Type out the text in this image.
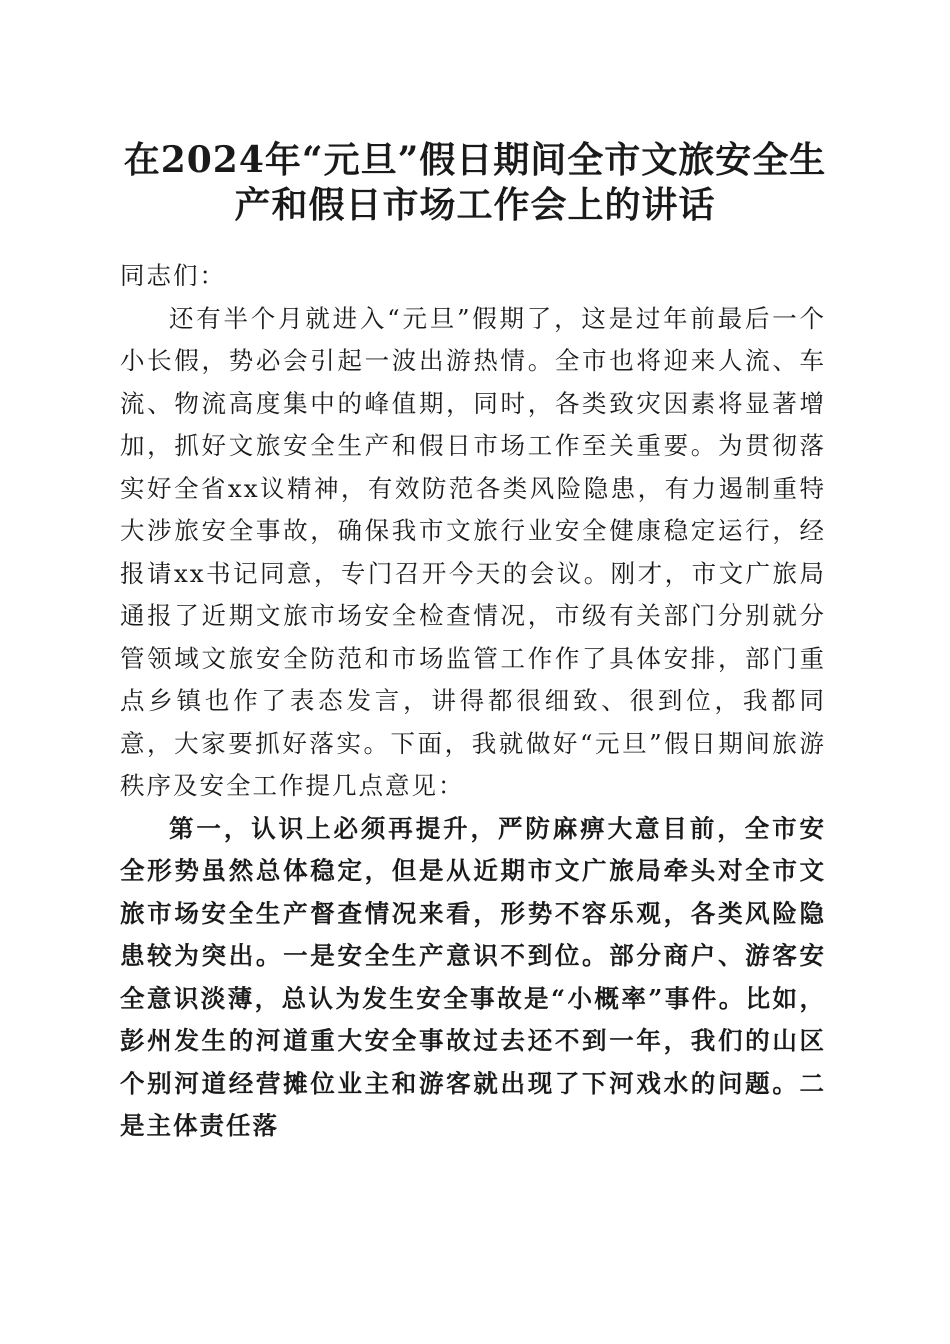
在2024年“元旦”假日期间全市文旅安全生
产和假日市场工作会上的讲话

同志们：

还有半个月就进入“元旦”假期了，这是过年前最后一个小长假，势必会引起一波出游热情。全市也将迎来人流、车流、物流高度集中的峰值期，同时，各类致灾因素将显著增加，抓好文旅安全生产和假日市场工作至关重要。为贯彻落实好全省xx议精神，有效防范各类风险隐患，有力遏制重特大涉旅安全事故，确保我市文旅行业安全健康稳定运行，经报请xx书记同意，专门召开今天的会议。刚才，市文广旅局通报了近期文旅市场安全检查情况，市级有关部门分别就分管领域文旅安全防范和市场监管工作作了具体安排，部门重点乡镇也作了表态发言，讲得都很细致、很到位，我都同意，大家要抓好落实。下面，我就做好“元旦”假日期间旅游秩序及安全工作提几点意见：

第一，认识上必须再提升，严防麻痹大意目前，全市安全形势虽然总体稳定，但是从近期市文广旅局牵头对全市文旅市场安全生产督查情况来看，形势不容乐观，各类风险隐患较为突出。一是安全生产意识不到位。部分商户、游客安全意识淡薄，总认为发生安全事故是“小概率”事件。比如，彭州发生的河道重大安全事故过去还不到一年，我们的山区个别河道经营摊位业主和游客就出现了下河戏水的问题。二是主体责任落
